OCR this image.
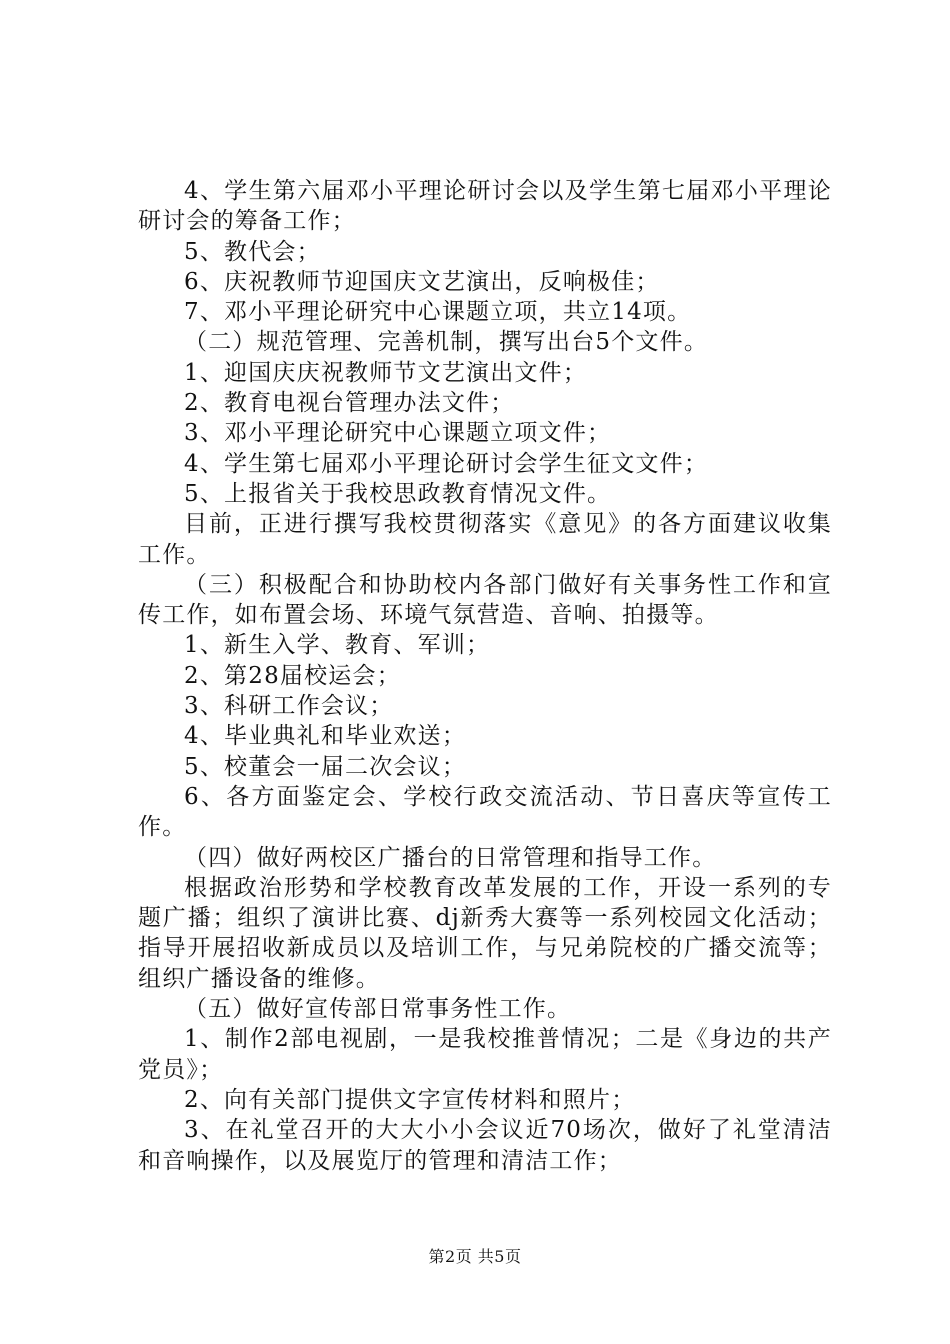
4、学生第六届邓小平理论研讨会以及学生第七届邓小平理论研讨会的筹备工作；

5、教代会；

6、庆祝教师节迎国庆文艺演出，反响极佳；

7、邓小平理论研究中心课题立项，共立14项。

（二）规范管理、完善机制，撰写出台5个文件。

1、迎国庆庆祝教师节文艺演出文件；

2、教育电视台管理办法文件；

3、邓小平理论研究中心课题立项文件；

4、学生第七届邓小平理论研讨会学生征文文件；

5、上报省关于我校思政教育情况文件。

目前，正进行撰写我校贯彻落实《意见》的各方面建议收集工作。

（三）积极配合和协助校内各部门做好有关事务性工作和宣传工作，如布置会场、环境气氛营造、音响、拍摄等。

1、新生入学、教育、军训；

2、第28届校运会；

3、科研工作会议；

4、毕业典礼和毕业欢送；

5、校董会一届二次会议；

6、各方面鉴定会、学校行政交流活动、节日喜庆等宣传工作。

（四）做好两校区广播台的日常管理和指导工作。

根据政治形势和学校教育改革发展的工作，开设一系列的专题广播；组织了演讲比赛、dj新秀大赛等一系列校园文化活动；指导开展招收新成员以及培训工作，与兄弟院校的广播交流等；组织广播设备的维修。

（五）做好宣传部日常事务性工作。

1、制作2部电视剧，一是我校推普情况；二是《身边的共产党员》；

2、向有关部门提供文字宣传材料和照片；

3、在礼堂召开的大大小小会议近70场次，做好了礼堂清洁和音响操作，以及展览厅的管理和清洁工作；

第2页 共5页
